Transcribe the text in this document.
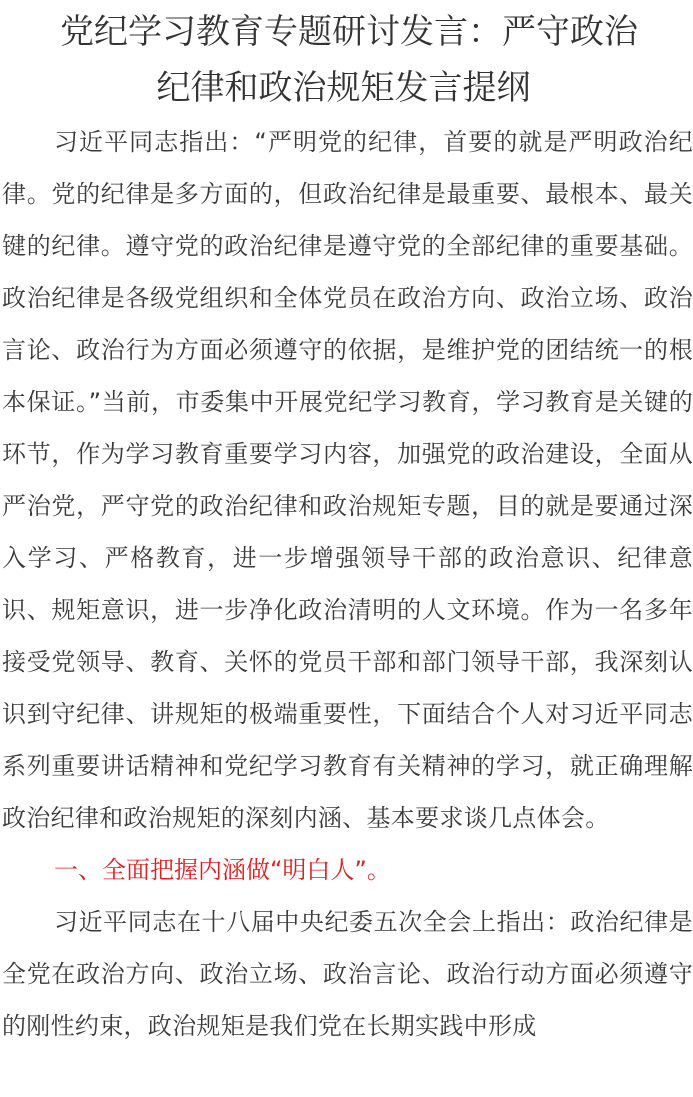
党纪学习教育专题研讨发言：严守政治
纪律和政治规矩发言提纲

习近平同志指出：“严明党的纪律，首要的就是严明政治纪律。党的纪律是多方面的，但政治纪律是最重要、最根本、最关键的纪律。遵守党的政治纪律是遵守党的全部纪律的重要基础。政治纪律是各级党组织和全体党员在政治方向、政治立场、政治言论、政治行为方面必须遵守的依据，是维护党的团结统一的根本保证。”当前，市委集中开展党纪学习教育，学习教育是关键的环节，作为学习教育重要学习内容，加强党的政治建设，全面从严治党，严守党的政治纪律和政治规矩专题，目的就是要通过深入学习、严格教育，进一步增强领导干部的政治意识、纪律意识、规矩意识，进一步净化政治清明的人文环境。作为一名多年接受党领导、教育、关怀的党员干部和部门领导干部，我深刻认识到守纪律、讲规矩的极端重要性，下面结合个人对习近平同志系列重要讲话精神和党纪学习教育有关精神的学习，就正确理解政治纪律和政治规矩的深刻内涵、基本要求谈几点体会。

一、全面把握内涵做“明白人”。

习近平同志在十八届中央纪委五次全会上指出：政治纪律是全党在政治方向、政治立场、政治言论、政治行动方面必须遵守的刚性约束，政治规矩是我们党在长期实践中形成
